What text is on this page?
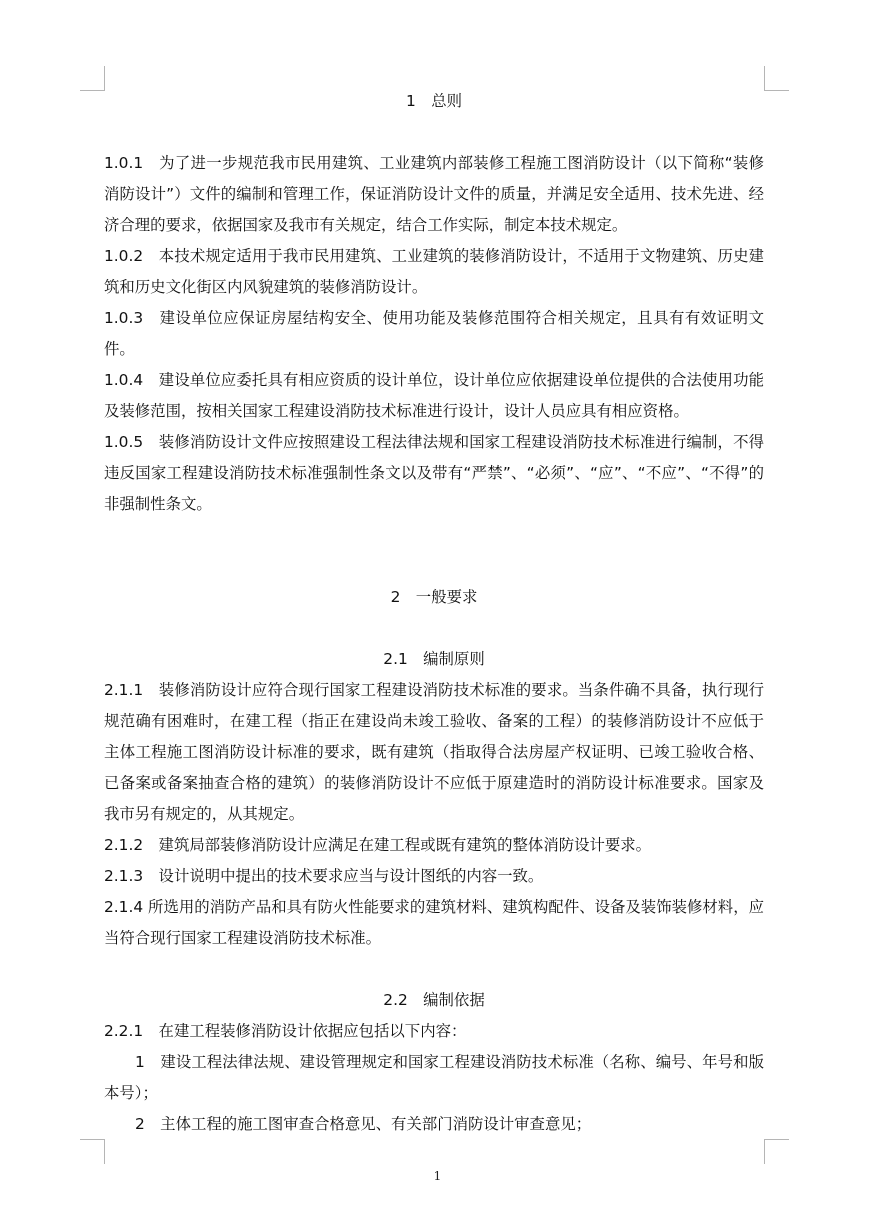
1　总则
1.0.1　为了进一步规范我市民用建筑、工业建筑内部装修工程施工图消防设计（以下简称“装修消防设计”）文件的编制和管理工作，保证消防设计文件的质量，并满足安全适用、技术先进、经济合理的要求，依据国家及我市有关规定，结合工作实际，制定本技术规定。
1.0.2　本技术规定适用于我市民用建筑、工业建筑的装修消防设计，不适用于文物建筑、历史建筑和历史文化街区内风貌建筑的装修消防设计。
1.0.3　建设单位应保证房屋结构安全、使用功能及装修范围符合相关规定，且具有有效证明文件。
1.0.4　建设单位应委托具有相应资质的设计单位，设计单位应依据建设单位提供的合法使用功能及装修范围，按相关国家工程建设消防技术标准进行设计，设计人员应具有相应资格。
1.0.5　装修消防设计文件应按照建设工程法律法规和国家工程建设消防技术标准进行编制，不得违反国家工程建设消防技术标准强制性条文以及带有“严禁”、“必须”、“应”、“不应”、“不得”的非强制性条文。
2　一般要求
2.1　编制原则
2.1.1　装修消防设计应符合现行国家工程建设消防技术标准的要求。当条件确不具备，执行现行规范确有困难时，在建工程（指正在建设尚未竣工验收、备案的工程）的装修消防设计不应低于主体工程施工图消防设计标准的要求，既有建筑（指取得合法房屋产权证明、已竣工验收合格、已备案或备案抽查合格的建筑）的装修消防设计不应低于原建造时的消防设计标准要求。国家及我市另有规定的，从其规定。
2.1.2　建筑局部装修消防设计应满足在建工程或既有建筑的整体消防设计要求。
2.1.3　设计说明中提出的技术要求应当与设计图纸的内容一致。
2.1.4 所选用的消防产品和具有防火性能要求的建筑材料、建筑构配件、设备及装饰装修材料，应当符合现行国家工程建设消防技术标准。
2.2　编制依据
2.2.1　在建工程装修消防设计依据应包括以下内容：
1　建设工程法律法规、建设管理规定和国家工程建设消防技术标准（名称、编号、年号和版本号）；
2　主体工程的施工图审查合格意见、有关部门消防设计审查意见；
1
